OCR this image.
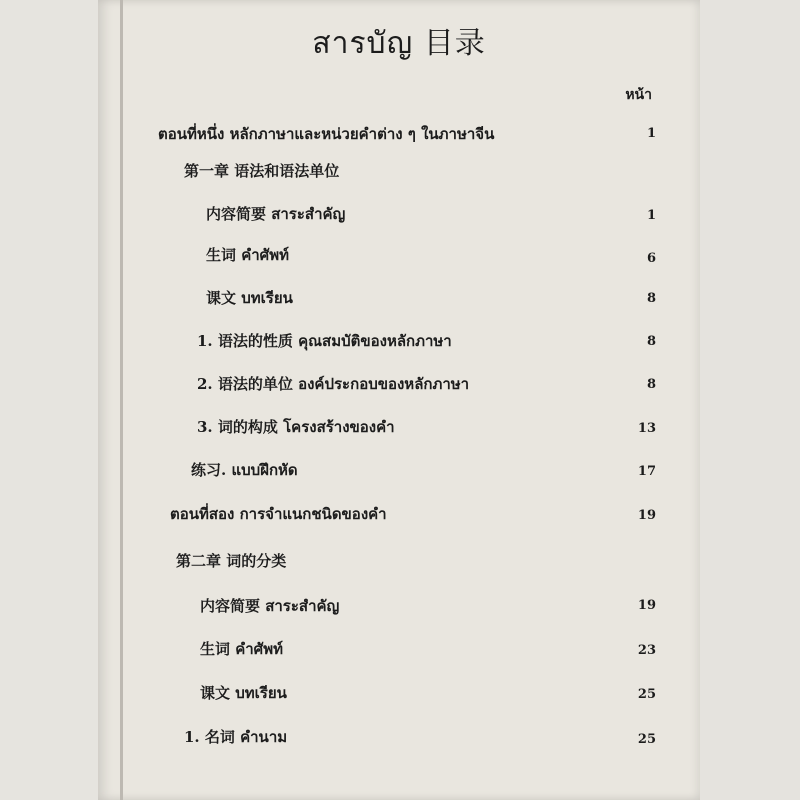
สารบัญ 目录
หน้า
ตอนที่หนึ่ง หลักภาษาและหน่วยคำต่าง ๆ ในภาษาจีน	1
第一章 语法和语法单位
内容简要 สาระสำคัญ	1
生词 คำศัพท์	6
课文 บทเรียน	8
1. 语法的性质 คุณสมบัติของหลักภาษา	8
2. 语法的单位 องค์ประกอบของหลักภาษา	8
3. 词的构成 โครงสร้างของคำ	13
练习. แบบฝึกหัด	17
ตอนที่สอง การจำแนกชนิดของคำ	19
第二章 词的分类
内容简要 สาระสำคัญ	19
生词 คำศัพท์	23
课文 บทเรียน	25
1. 名词 คำนาม	25
